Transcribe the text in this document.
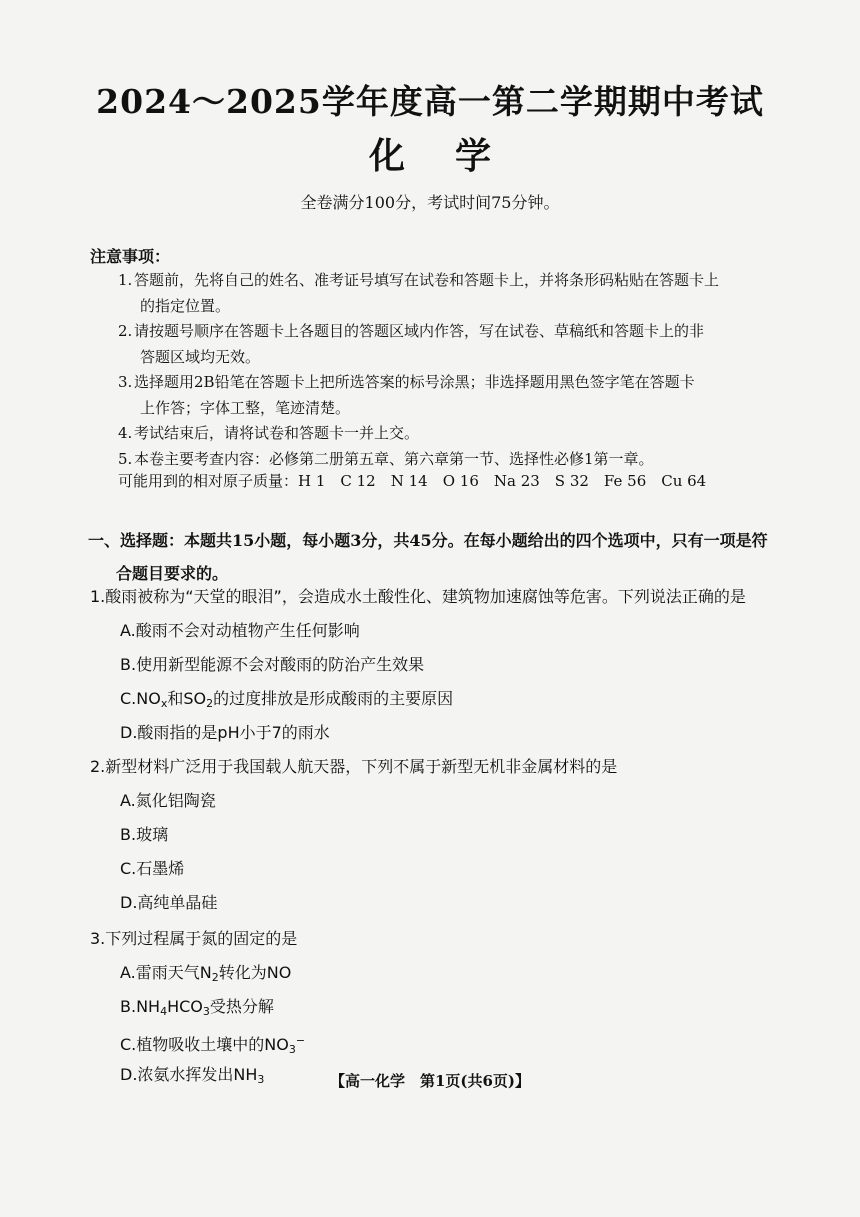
2024～2025学年度高一第二学期期中考试
化学
全卷满分100分，考试时间75分钟。
注意事项：

1. 答题前，先将自己的姓名、准考证号填写在试卷和答题卡上，并将条形码粘贴在答题卡上
的指定位置。

2. 请按题号顺序在答题卡上各题目的答题区域内作答，写在试卷、草稿纸和答题卡上的非
答题区域均无效。

3. 选择题用2B铅笔在答题卡上把所选答案的标号涂黑；非选择题用黑色签字笔在答题卡
上作答；字体工整，笔迹清楚。

4. 考试结束后，请将试卷和答题卡一并上交。

5. 本卷主要考查内容：必修第二册第五章、第六章第一节、选择性必修1第一章。

可能用到的相对原子质量：H 1　C 12　N 14　O 16　Na 23　S 32　Fe 56　Cu 64
一、选择题：本题共15小题，每小题3分，共45分。在每小题给出的四个选项中，只有一项是符
合题目要求的。
1.酸雨被称为“天堂的眼泪”，会造成水土酸性化、建筑物加速腐蚀等危害。下列说法正确的是
A.酸雨不会对动植物产生任何影响
B.使用新型能源不会对酸雨的防治产生效果
$C.NO_x$和$SO_2$的过度排放是形成酸雨的主要原因
D.酸雨指的是pH小于7的雨水
2.新型材料广泛用于我国载人航天器，下列不属于新型无机非金属材料的是
A.氮化铝陶瓷
B.玻璃
C.石墨烯
D.高纯单晶硅
3.下列过程属于氮的固定的是
A.雷雨天气$N_2$转化为NO
$B.NH_4HCO_3$受热分解
C.植物吸收土壤中的$NO_3^-$
D.浓氨水挥发出$NH_3$	【高一化学　第1页(共6页)】
